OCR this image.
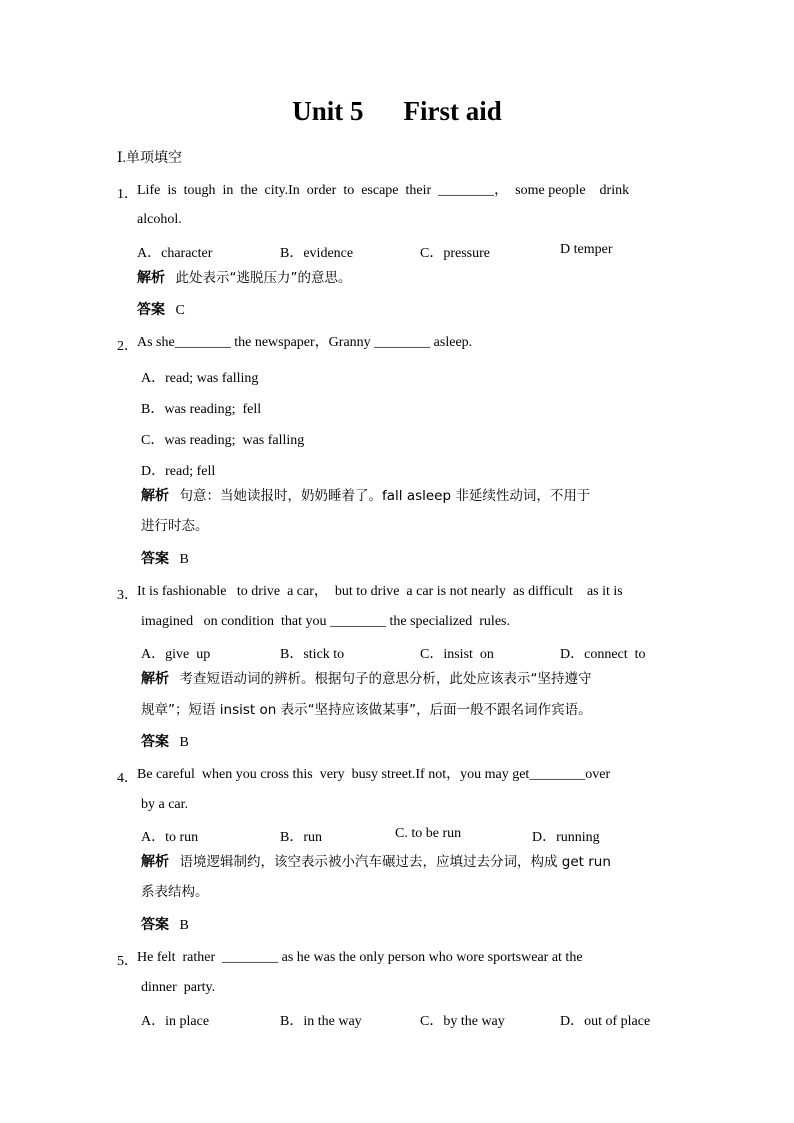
Unit 5 First aid
Ⅰ.单项填空
1． Life  is  tough  in  the  city.In  order  to  escape  their  ________，  some people    drink
alcohol.
A．character	B．evidence	C．pressure	D temper
解析 此处表示“逃脱压力”的意思。
答案 C
2． As she________ the newspaper，Granny ________ asleep.
A．read; was falling
B．was reading;  fell
C．was reading;  was falling
D．read; fell
解析 句意：当她读报时，奶奶睡着了。fall asleep 非延续性动词，不用于
进行时态。
答案 B
3． It is fashionable   to drive  a car，  but to drive  a car is not nearly  as difficult    as it is
imagined   on condition  that you ________ the specialized  rules.
A．give  up	B．stick to	C．insist  on	D．connect  to
解析 考查短语动词的辨析。根据句子的意思分析，此处应该表示“坚持遵守
规章”；短语 insist on 表示“坚持应该做某事”，后面一般不跟名词作宾语。
答案 B
4． Be careful  when you cross this  very  busy street.If not，you may get________over
by a car.
A．to run	B．run	C. to be run	D．running
解析 语境逻辑制约，该空表示被小汽车碾过去，应填过去分词，构成 get run
系表结构。
答案 B
5． He felt  rather  ________ as he was the only person who wore sportswear at the
dinner  party.
A．in place	B．in the way	C．by the way	D．out of place
